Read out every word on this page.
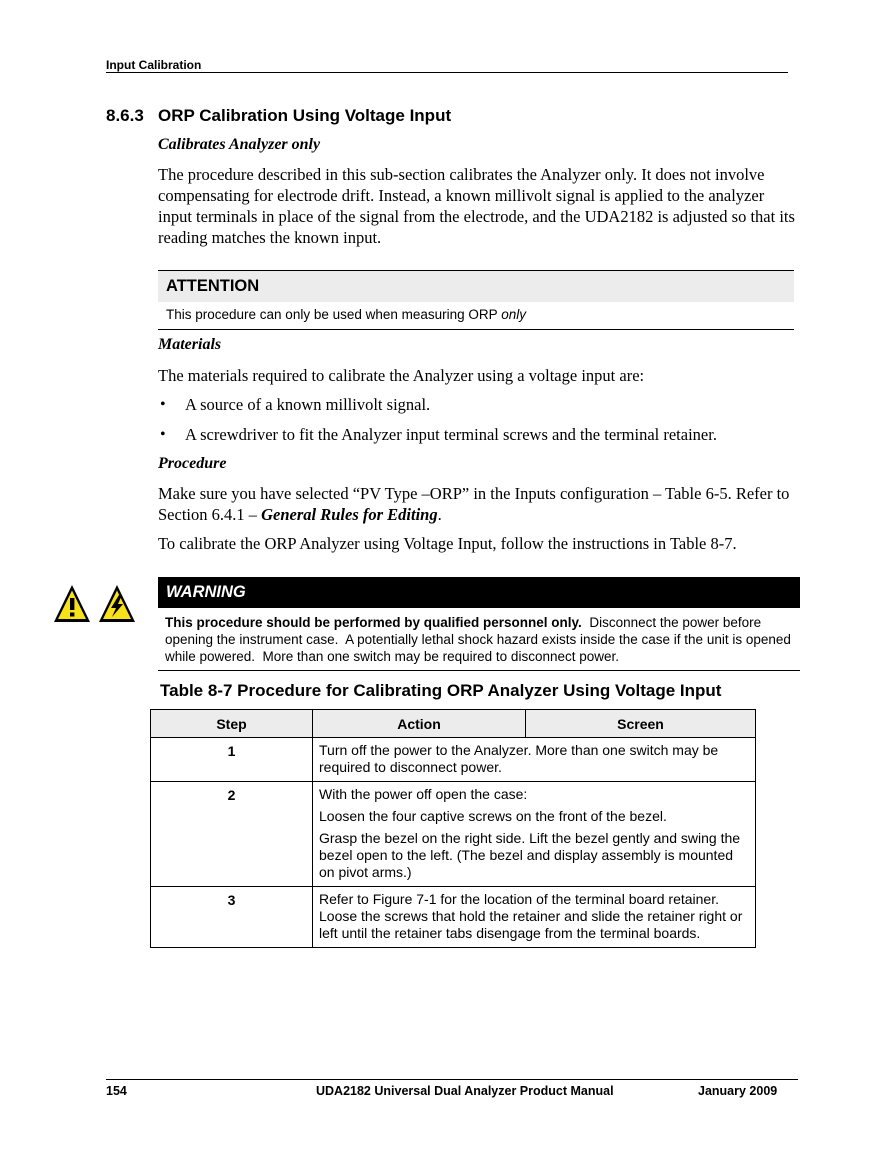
Input Calibration
8.6.3 ORP Calibration Using Voltage Input
Calibrates Analyzer only
The procedure described in this sub-section calibrates the Analyzer only. It does not involve compensating for electrode drift. Instead, a known millivolt signal is applied to the analyzer input terminals in place of the signal from the electrode, and the UDA2182 is adjusted so that its reading matches the known input.
ATTENTION
This procedure can only be used when measuring ORP only
Materials
The materials required to calibrate the Analyzer using a voltage input are:
• A source of a known millivolt signal.
• A screwdriver to fit the Analyzer input terminal screws and the terminal retainer.
Procedure
Make sure you have selected “PV Type –ORP” in the Inputs configuration – Table 6-5. Refer to Section 6.4.1 – General Rules for Editing.
To calibrate the ORP Analyzer using Voltage Input, follow the instructions in Table 8-7.
WARNING
This procedure should be performed by qualified personnel only.  Disconnect the power before opening the instrument case.  A potentially lethal shock hazard exists inside the case if the unit is opened while powered.  More than one switch may be required to disconnect power.
Table 8-7 Procedure for Calibrating ORP Analyzer Using Voltage Input
Step	Action	Screen
1	Turn off the power to the Analyzer. More than one switch may be required to disconnect power.	

2	With the power off open the case:

Loosen the four captive screws on the front of the bezel.

Grasp the bezel on the right side. Lift the bezel gently and swing the bezel open to the left. (The bezel and display assembly is mounted on pivot arms.)	

3	Refer to Figure 7-1 for the location of the terminal board retainer. Loose the screws that hold the retainer and slide the retainer right or left until the retainer tabs disengage from the terminal boards.	

154	UDA2182 Universal Dual Analyzer Product Manual	January 2009
